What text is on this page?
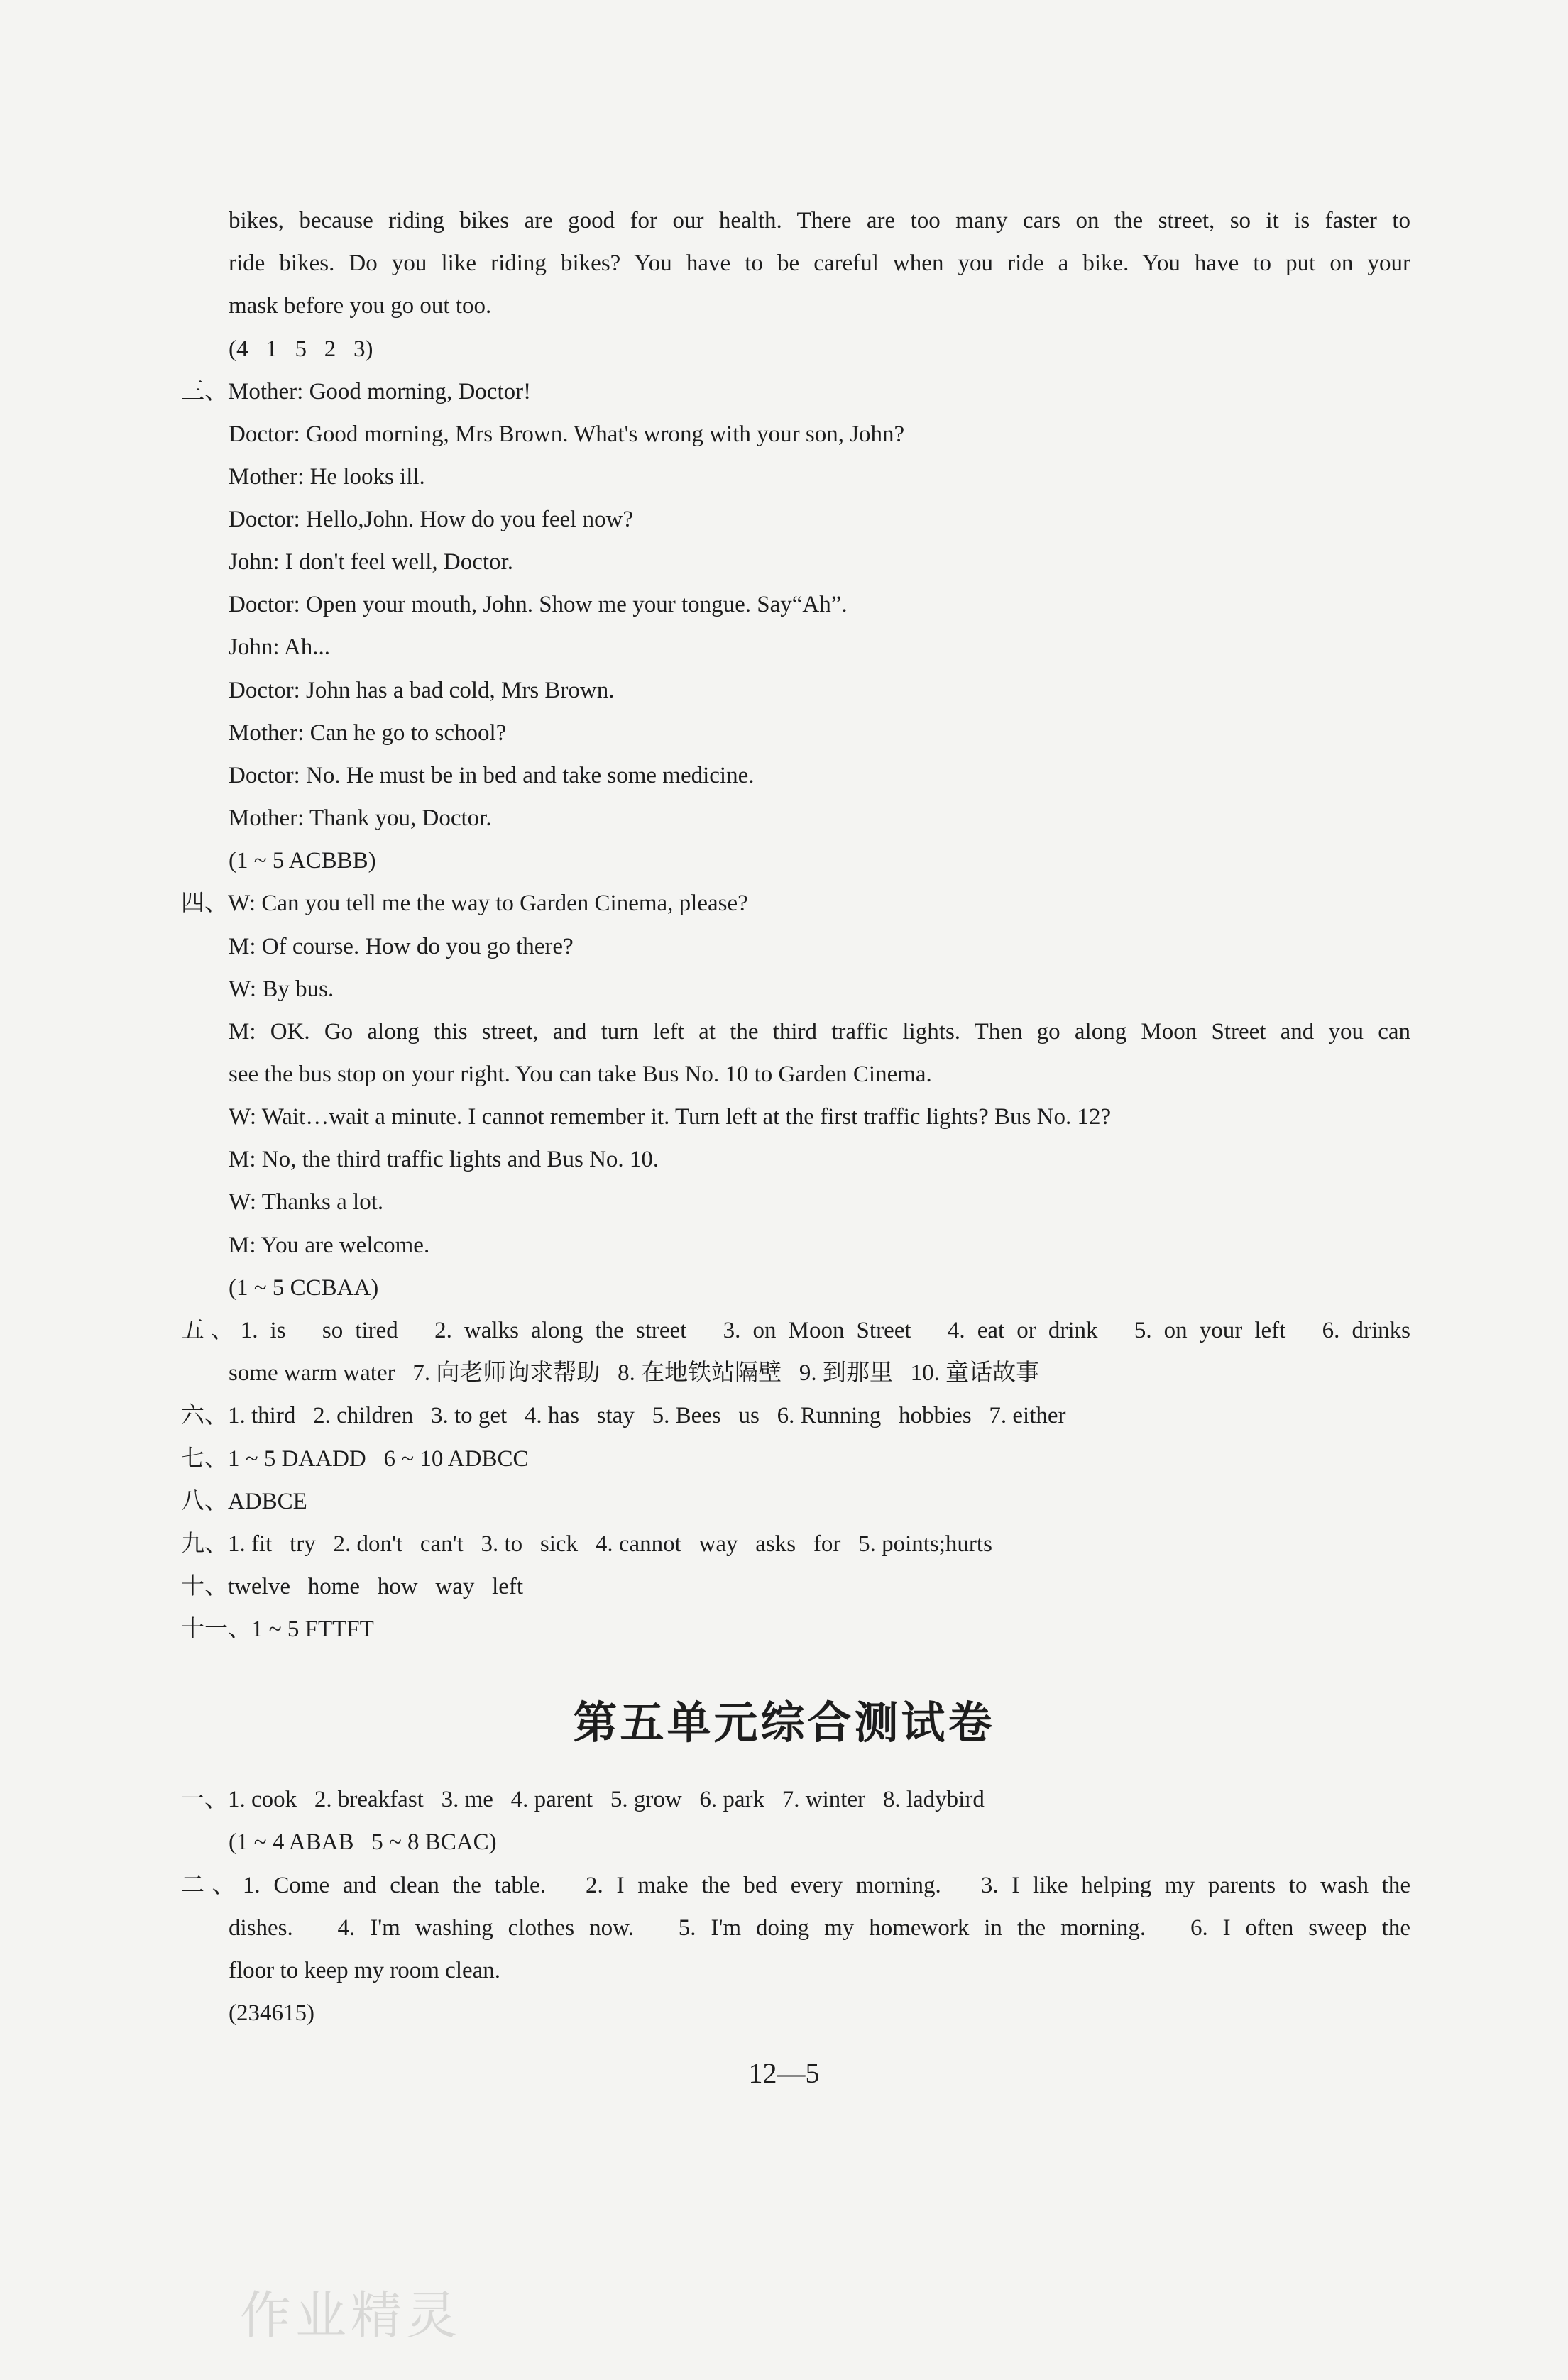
bikes, because riding bikes are good for our health. There are too many cars on the street, so it is faster to
ride bikes. Do you like riding bikes? You have to be careful when you ride a bike. You have to put on your
mask before you go out too.
(4   1   5   2   3)
三、Mother: Good morning, Doctor!
Doctor: Good morning, Mrs Brown. What's wrong with your son, John?
Mother: He looks ill.
Doctor: Hello,John. How do you feel now?
John: I don't feel well, Doctor.
Doctor: Open your mouth, John. Show me your tongue. Say“Ah”.
John: Ah...
Doctor: John has a bad cold, Mrs Brown.
Mother: Can he go to school?
Doctor: No. He must be in bed and take some medicine.
Mother: Thank you, Doctor.
(1 ~ 5 ACBBB)
四、W: Can you tell me the way to Garden Cinema, please?
M: Of course. How do you go there?
W: By bus.
M: OK. Go along this street, and turn left at the third traffic lights. Then go along Moon Street and you can
see the bus stop on your right. You can take Bus No. 10 to Garden Cinema.
W: Wait…wait a minute. I cannot remember it. Turn left at the first traffic lights? Bus No. 12?
M: No, the third traffic lights and Bus No. 10.
W: Thanks a lot.
M: You are welcome.
(1 ~ 5 CCBAA)
五、1. is   so tired   2. walks along the street   3. on Moon Street   4. eat or drink   5. on your left   6. drinks
some warm water   7. 向老师询求帮助   8. 在地铁站隔壁   9. 到那里   10. 童话故事
六、1. third   2. children   3. to get   4. has   stay   5. Bees   us   6. Running   hobbies   7. either
七、1 ~ 5 DAADD   6 ~ 10 ADBCC
八、ADBCE
九、1. fit   try   2. don't   can't   3. to   sick   4. cannot   way   asks   for   5. points;hurts
十、twelve   home   how   way   left
十一、1 ~ 5 FTTFT
第五单元综合测试卷
一、1. cook   2. breakfast   3. me   4. parent   5. grow   6. park   7. winter   8. ladybird
(1 ~ 4 ABAB   5 ~ 8 BCAC)
二、1. Come and clean the table.   2. I make the bed every morning.   3. I like helping my parents to wash the
dishes.   4. I'm washing clothes now.   5. I'm doing my homework in the morning.   6. I often sweep the
floor to keep my room clean.
(234615)
12—5
作业精灵
